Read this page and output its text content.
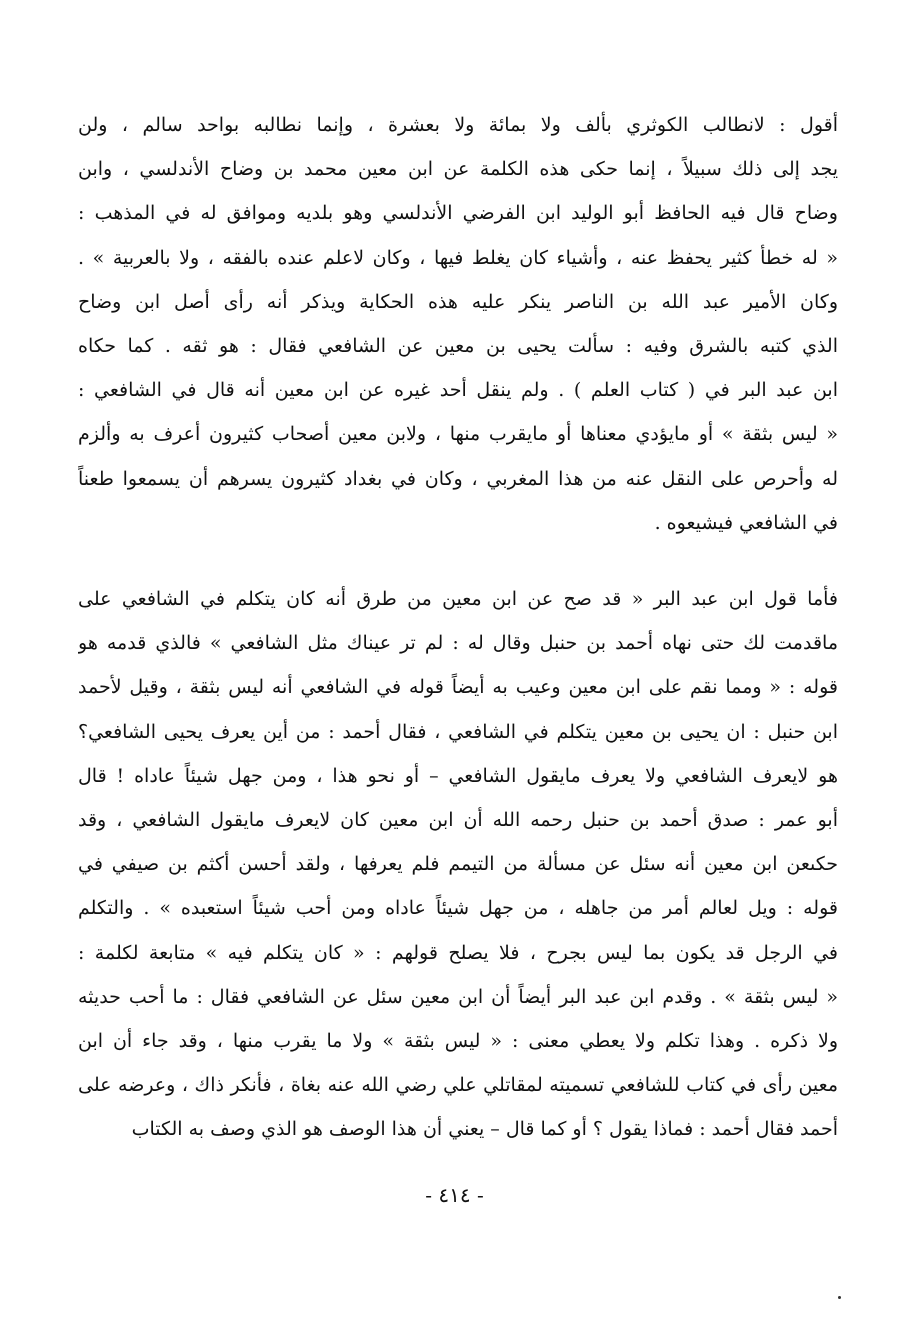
أقول : لانطالب الكوثري بألف ولا بمائة ولا بعشرة ، وإنما نطالبه بواحد سالم ، ولن
يجد إلى ذلك سبيلاً ، إنما حكى هذه الكلمة عن ابن معين محمد بن وضاح الأندلسي ، وابن
وضاح قال فيه الحافظ أبو الوليد ابن الفرضي الأندلسي وهو بلديه وموافق له في المذهب :
« له خطأ كثير يحفظ عنه ، وأشياء كان يغلط فيها ، وكان لاعلم عنده بالفقه ، ولا بالعربية » .
وكان الأمير عبد الله بن الناصر ينكر عليه هذه الحكاية ويذكر أنه رأى أصل ابن وضاح
الذي كتبه بالشرق وفيه : سألت يحيى بن معين عن الشافعي فقال : هو ثقه . كما حكاه
ابن عبد البر في ( كتاب العلم ) . ولم ينقل أحد غيره عن ابن معين أنه قال في الشافعي :
« ليس بثقة » أو مايؤدي معناها أو مايقرب منها ، ولابن معين أصحاب كثيرون أعرف به وألزم
له وأحرص على النقل عنه من هذا المغربي ، وكان في بغداد كثيرون يسرهم أن يسمعوا طعناً
في الشافعي فيشيعوه .
فأما قول ابن عبد البر « قد صح عن ابن معين من طرق أنه كان يتكلم في الشافعي على
ماقدمت لك حتى نهاه أحمد بن حنبل وقال له : لم تر عيناك مثل الشافعي » فالذي قدمه هو
قوله : « ومما نقم على ابن معين وعيب به أيضاً قوله في الشافعي أنه ليس بثقة ، وقيل لأحمد
ابن حنبل : ان يحيى بن معين يتكلم في الشافعي ، فقال أحمد : من أين يعرف يحيى الشافعي؟
هو لايعرف الشافعي ولا يعرف مايقول الشافعي – أو نحو هذا ، ومن جهل شيئاً عاداه ! قال
أبو عمر : صدق أحمد بن حنبل رحمه الله أن ابن معين كان لايعرف مايقول الشافعي ، وقد
حكىعن ابن معين أنه سئل عن مسألة من التيمم فلم يعرفها ، ولقد أحسن أكثم بن صيفي في
قوله : ويل لعالم أمر من جاهله ، من جهل شيئاً عاداه ومن أحب شيئاً استعبده » . والتكلم
في الرجل قد يكون بما ليس بجرح ، فلا يصلح قولهم : « كان يتكلم فيه » متابعة لكلمة :
« ليس بثقة » . وقدم ابن عبد البر أيضاً أن ابن معين سئل عن الشافعي فقال : ما أحب حديثه
ولا ذكره . وهذا تكلم ولا يعطي معنى : « ليس بثقة » ولا ما يقرب منها ، وقد جاء أن ابن
معين رأى في كتاب للشافعي تسميته لمقاتلي علي رضي الله عنه بغاة ، فأنكر ذاك ، وعرضه على
أحمد فقال أحمد : فماذا يقول ؟ أو كما قال – يعني أن هذا الوصف هو الذي وصف به الكتاب
- ٤١٤ -
